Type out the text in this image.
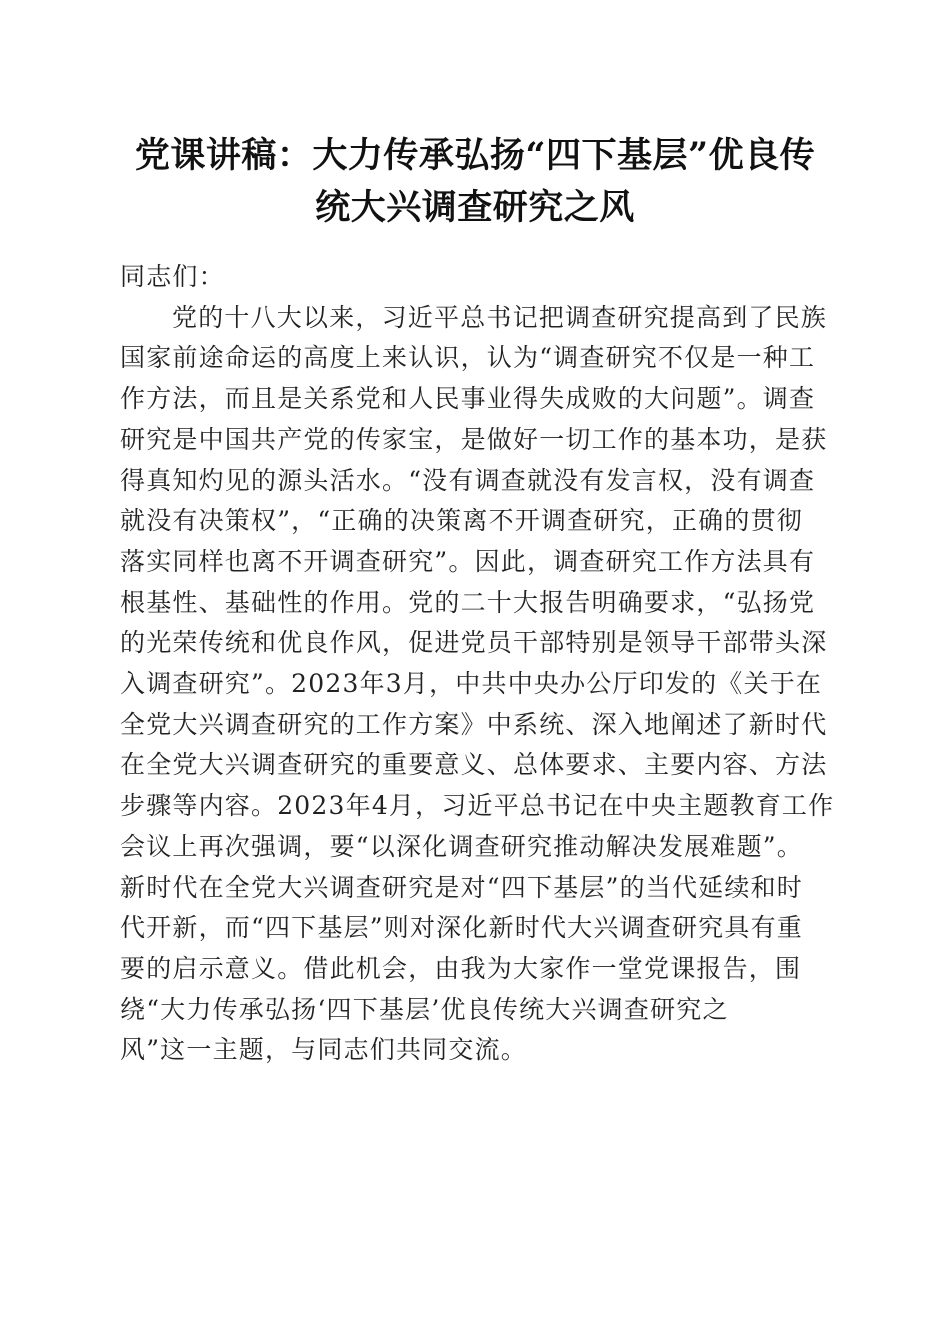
党课讲稿：大力传承弘扬“四下基层”优良传
统大兴调查研究之风
同志们：
党的十八大以来，习近平总书记把调查研究提高到了民族
国家前途命运的高度上来认识，认为“调查研究不仅是一种工
作方法，而且是关系党和人民事业得失成败的大问题”。调查
研究是中国共产党的传家宝，是做好一切工作的基本功，是获
得真知灼见的源头活水。“没有调查就没有发言权，没有调查
就没有决策权”，“正确的决策离不开调查研究，正确的贯彻
落实同样也离不开调查研究”。因此，调查研究工作方法具有
根基性、基础性的作用。党的二十大报告明确要求，“弘扬党
的光荣传统和优良作风，促进党员干部特别是领导干部带头深
入调查研究”。2023年3月，中共中央办公厅印发的《关于在
全党大兴调查研究的工作方案》中系统、深入地阐述了新时代
在全党大兴调查研究的重要意义、总体要求、主要内容、方法
步骤等内容。2023年4月，习近平总书记在中央主题教育工作
会议上再次强调，要“以深化调查研究推动解决发展难题”。
新时代在全党大兴调查研究是对“四下基层”的当代延续和时
代开新，而“四下基层”则对深化新时代大兴调查研究具有重
要的启示意义。借此机会，由我为大家作一堂党课报告，围
绕“大力传承弘扬‘四下基层’优良传统大兴调查研究之
风”这一主题，与同志们共同交流。
